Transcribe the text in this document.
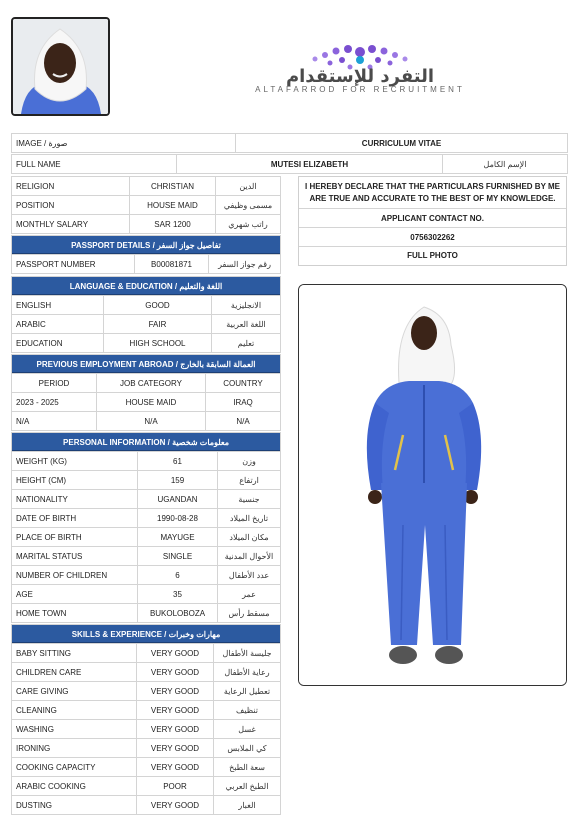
التفرد للإستقدام
ALTAFARROD FOR RECRUITMENT
IMAGE / صورة	CURRICULUM VITAE
FULL NAME	MUTESI ELIZABETH	الإسم الكامل
RELIGION	CHRISTIAN	الدين
POSITION	HOUSE MAID	مسمى وظيفي
MONTHLY SALARY	SAR 1200	راتب شهري
I HEREBY DECLARE THAT THE PARTICULARS FURNISHED BY ME ARE TRUE AND ACCURATE TO THE BEST OF MY KNOWLEDGE.
APPLICANT CONTACT NO.
0756302262
FULL PHOTO
PASSPORT DETAILS / تفاصيل جواز السفر
PASSPORT NUMBER	B00081871	رقم جواز السفر
LANGUAGE & EDUCATION / اللغة والتعليم		
ENGLISH	GOOD	الانجليزية
ARABIC	FAIR	اللغة العربية
EDUCATION	HIGH SCHOOL	تعليم
PREVIOUS EMPLOYMENT ABROAD / العمالة السابقة بالخارج		
PERIOD	JOB CATEGORY	COUNTRY
2023 - 2025	HOUSE MAID	IRAQ
N/A	N/A	N/A
PERSONAL INFORMATION / معلومات شخصية		
WEIGHT (KG)	61	وزن
HEIGHT (CM)	159	ارتفاع
NATIONALITY	UGANDAN	جنسية
DATE OF BIRTH	1990-08-28	تاريخ الميلاد
PLACE OF BIRTH	MAYUGE	مكان الميلاد
MARITAL STATUS	SINGLE	الأحوال المدنية
NUMBER OF CHILDREN	6	عدد الأطفال
AGE	35	عمر
HOME TOWN	BUKOLOBOZA	مسقط رأس
SKILLS & EXPERIENCE / مهارات وخبرات		
BABY SITTING	VERY GOOD	جليسة الأطفال
CHILDREN CARE	VERY GOOD	رعاية الأطفال
CARE GIVING	VERY GOOD	تعطيل الرعاية
CLEANING	VERY GOOD	تنظيف
WASHING	VERY GOOD	غسل
IRONING	VERY GOOD	كي الملابس
COOKING CAPACITY	VERY GOOD	سعة الطبخ
ARABIC COOKING	POOR	الطبخ العربي
DUSTING	VERY GOOD	الغبار
